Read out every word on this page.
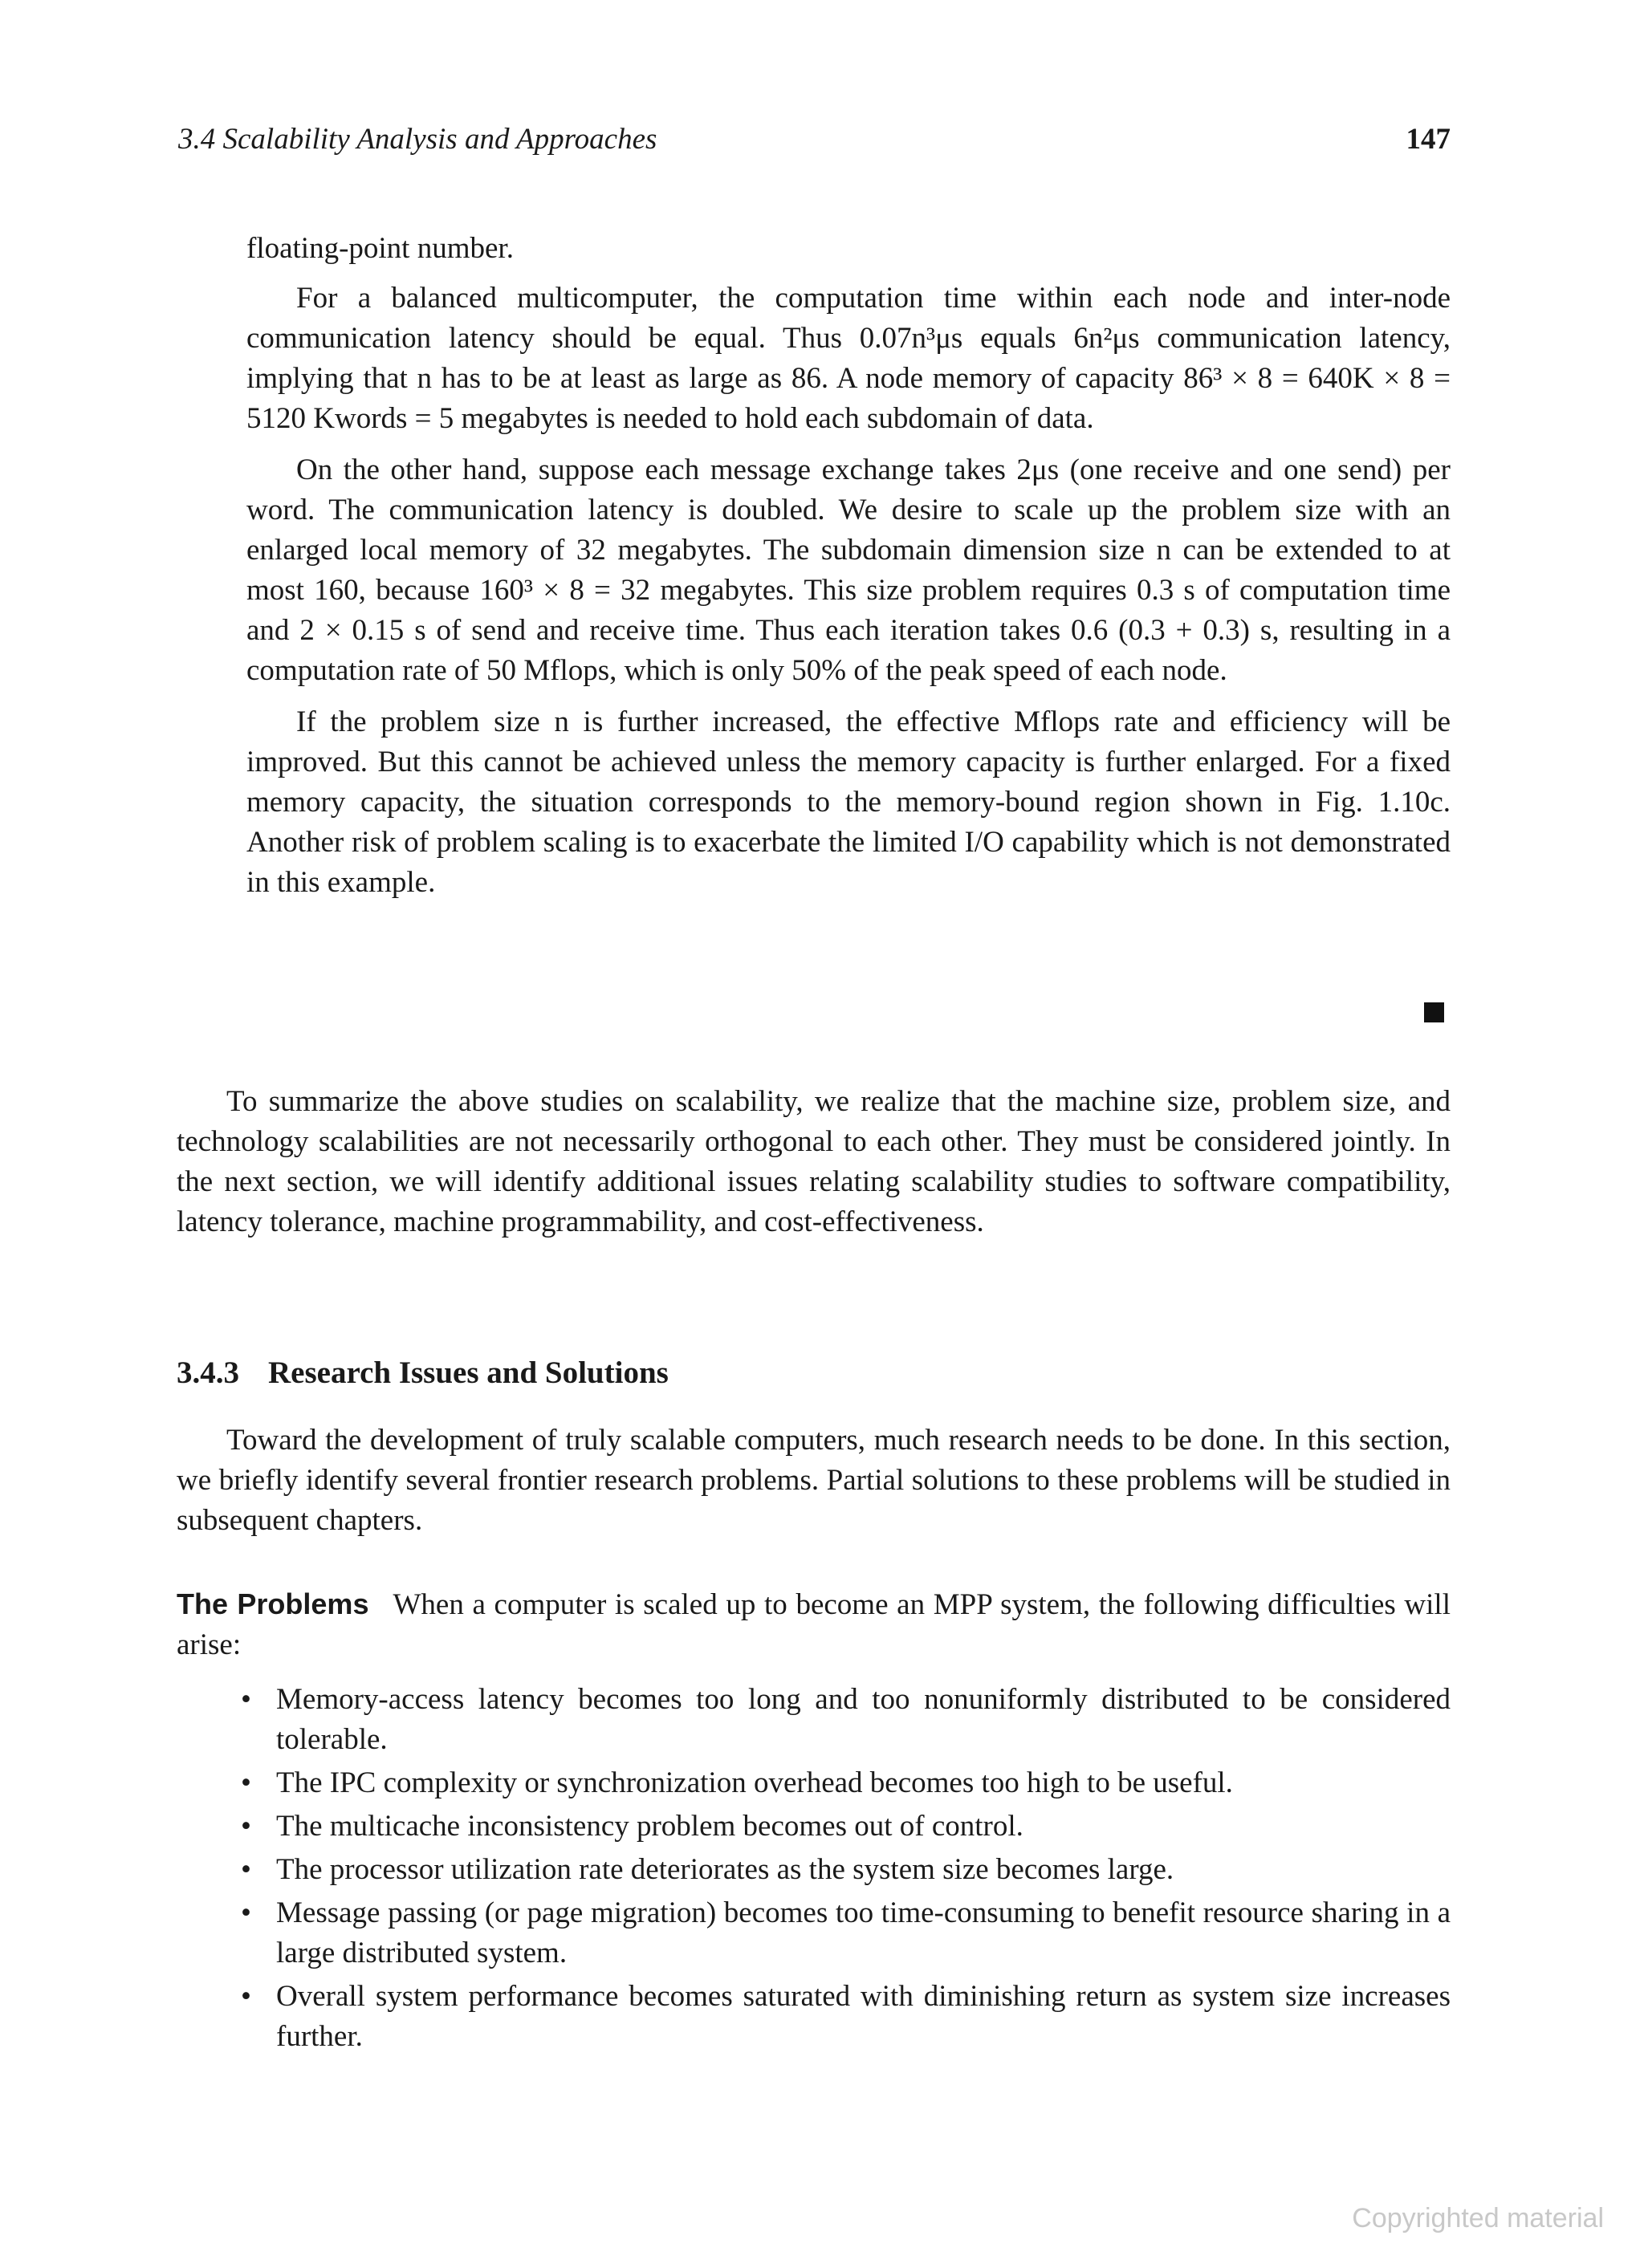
3.4 Scalability Analysis and Approaches	147

floating-point number.

For a balanced multicomputer, the computation time within each node and inter-node communication latency should be equal. Thus 0.07n³μs equals 6n²μs communication latency, implying that n has to be at least as large as 86. A node memory of capacity 86³ × 8 = 640K × 8 = 5120 Kwords = 5 megabytes is needed to hold each subdomain of data.

On the other hand, suppose each message exchange takes 2μs (one receive and one send) per word. The communication latency is doubled. We desire to scale up the problem size with an enlarged local memory of 32 megabytes. The subdomain dimension size n can be extended to at most 160, because 160³ × 8 = 32 megabytes. This size problem requires 0.3 s of computation time and 2 × 0.15 s of send and receive time. Thus each iteration takes 0.6 (0.3 + 0.3) s, resulting in a computation rate of 50 Mflops, which is only 50% of the peak speed of each node.

If the problem size n is further increased, the effective Mflops rate and efficiency will be improved. But this cannot be achieved unless the memory capacity is further enlarged. For a fixed memory capacity, the situation corresponds to the memory-bound region shown in Fig. 1.10c. Another risk of problem scaling is to exacerbate the limited I/O capability which is not demonstrated in this example.

To summarize the above studies on scalability, we realize that the machine size, problem size, and technology scalabilities are not necessarily orthogonal to each other. They must be considered jointly. In the next section, we will identify additional issues relating scalability studies to software compatibility, latency tolerance, machine programmability, and cost-effectiveness.

3.4.3 Research Issues and Solutions

Toward the development of truly scalable computers, much research needs to be done. In this section, we briefly identify several frontier research problems. Partial solutions to these problems will be studied in subsequent chapters.

The Problems When a computer is scaled up to become an MPP system, the following difficulties will arise:

• Memory-access latency becomes too long and too nonuniformly distributed to be considered tolerable.
• The IPC complexity or synchronization overhead becomes too high to be useful.
• The multicache inconsistency problem becomes out of control.
• The processor utilization rate deteriorates as the system size becomes large.
• Message passing (or page migration) becomes too time-consuming to benefit resource sharing in a large distributed system.
• Overall system performance becomes saturated with diminishing return as system size increases further.
Copyrighted material
